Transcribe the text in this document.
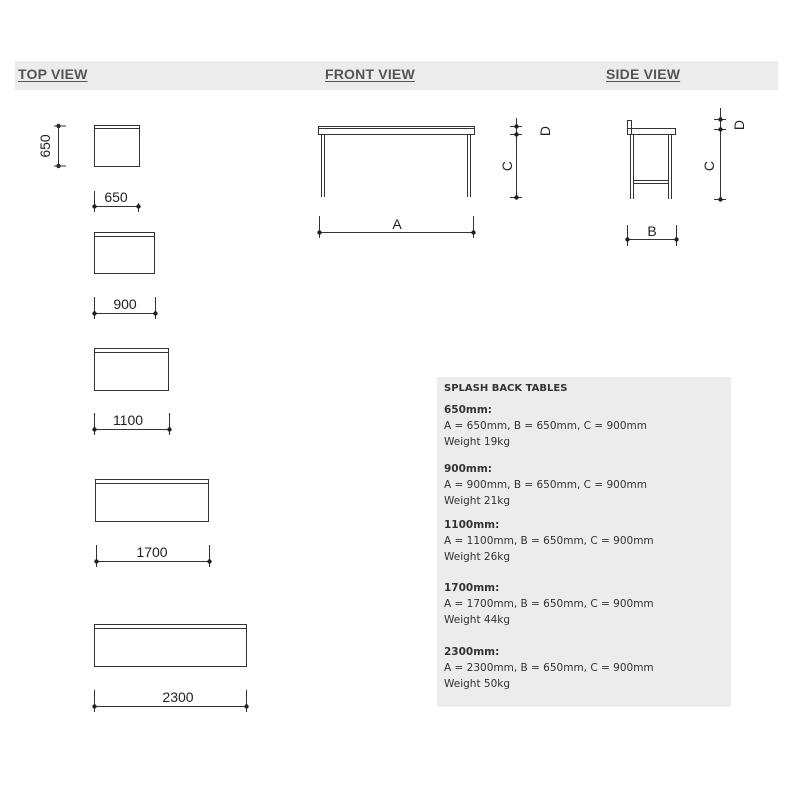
TOP VIEW	FRONT VIEW	SIDE VIEW
650
650
900
1100
1700
2300
A
C
D
B
C
D
SPLASH BACK TABLES
650mm:
A = 650mm, B = 650mm, C = 900mm
Weight 19kg
900mm:
A = 900mm, B = 650mm, C = 900mm
Weight 21kg
1100mm:
A = 1100mm, B = 650mm, C = 900mm
Weight 26kg
1700mm:
A = 1700mm, B = 650mm, C = 900mm
Weight 44kg
2300mm:
A = 2300mm, B = 650mm, C = 900mm
Weight 50kg
